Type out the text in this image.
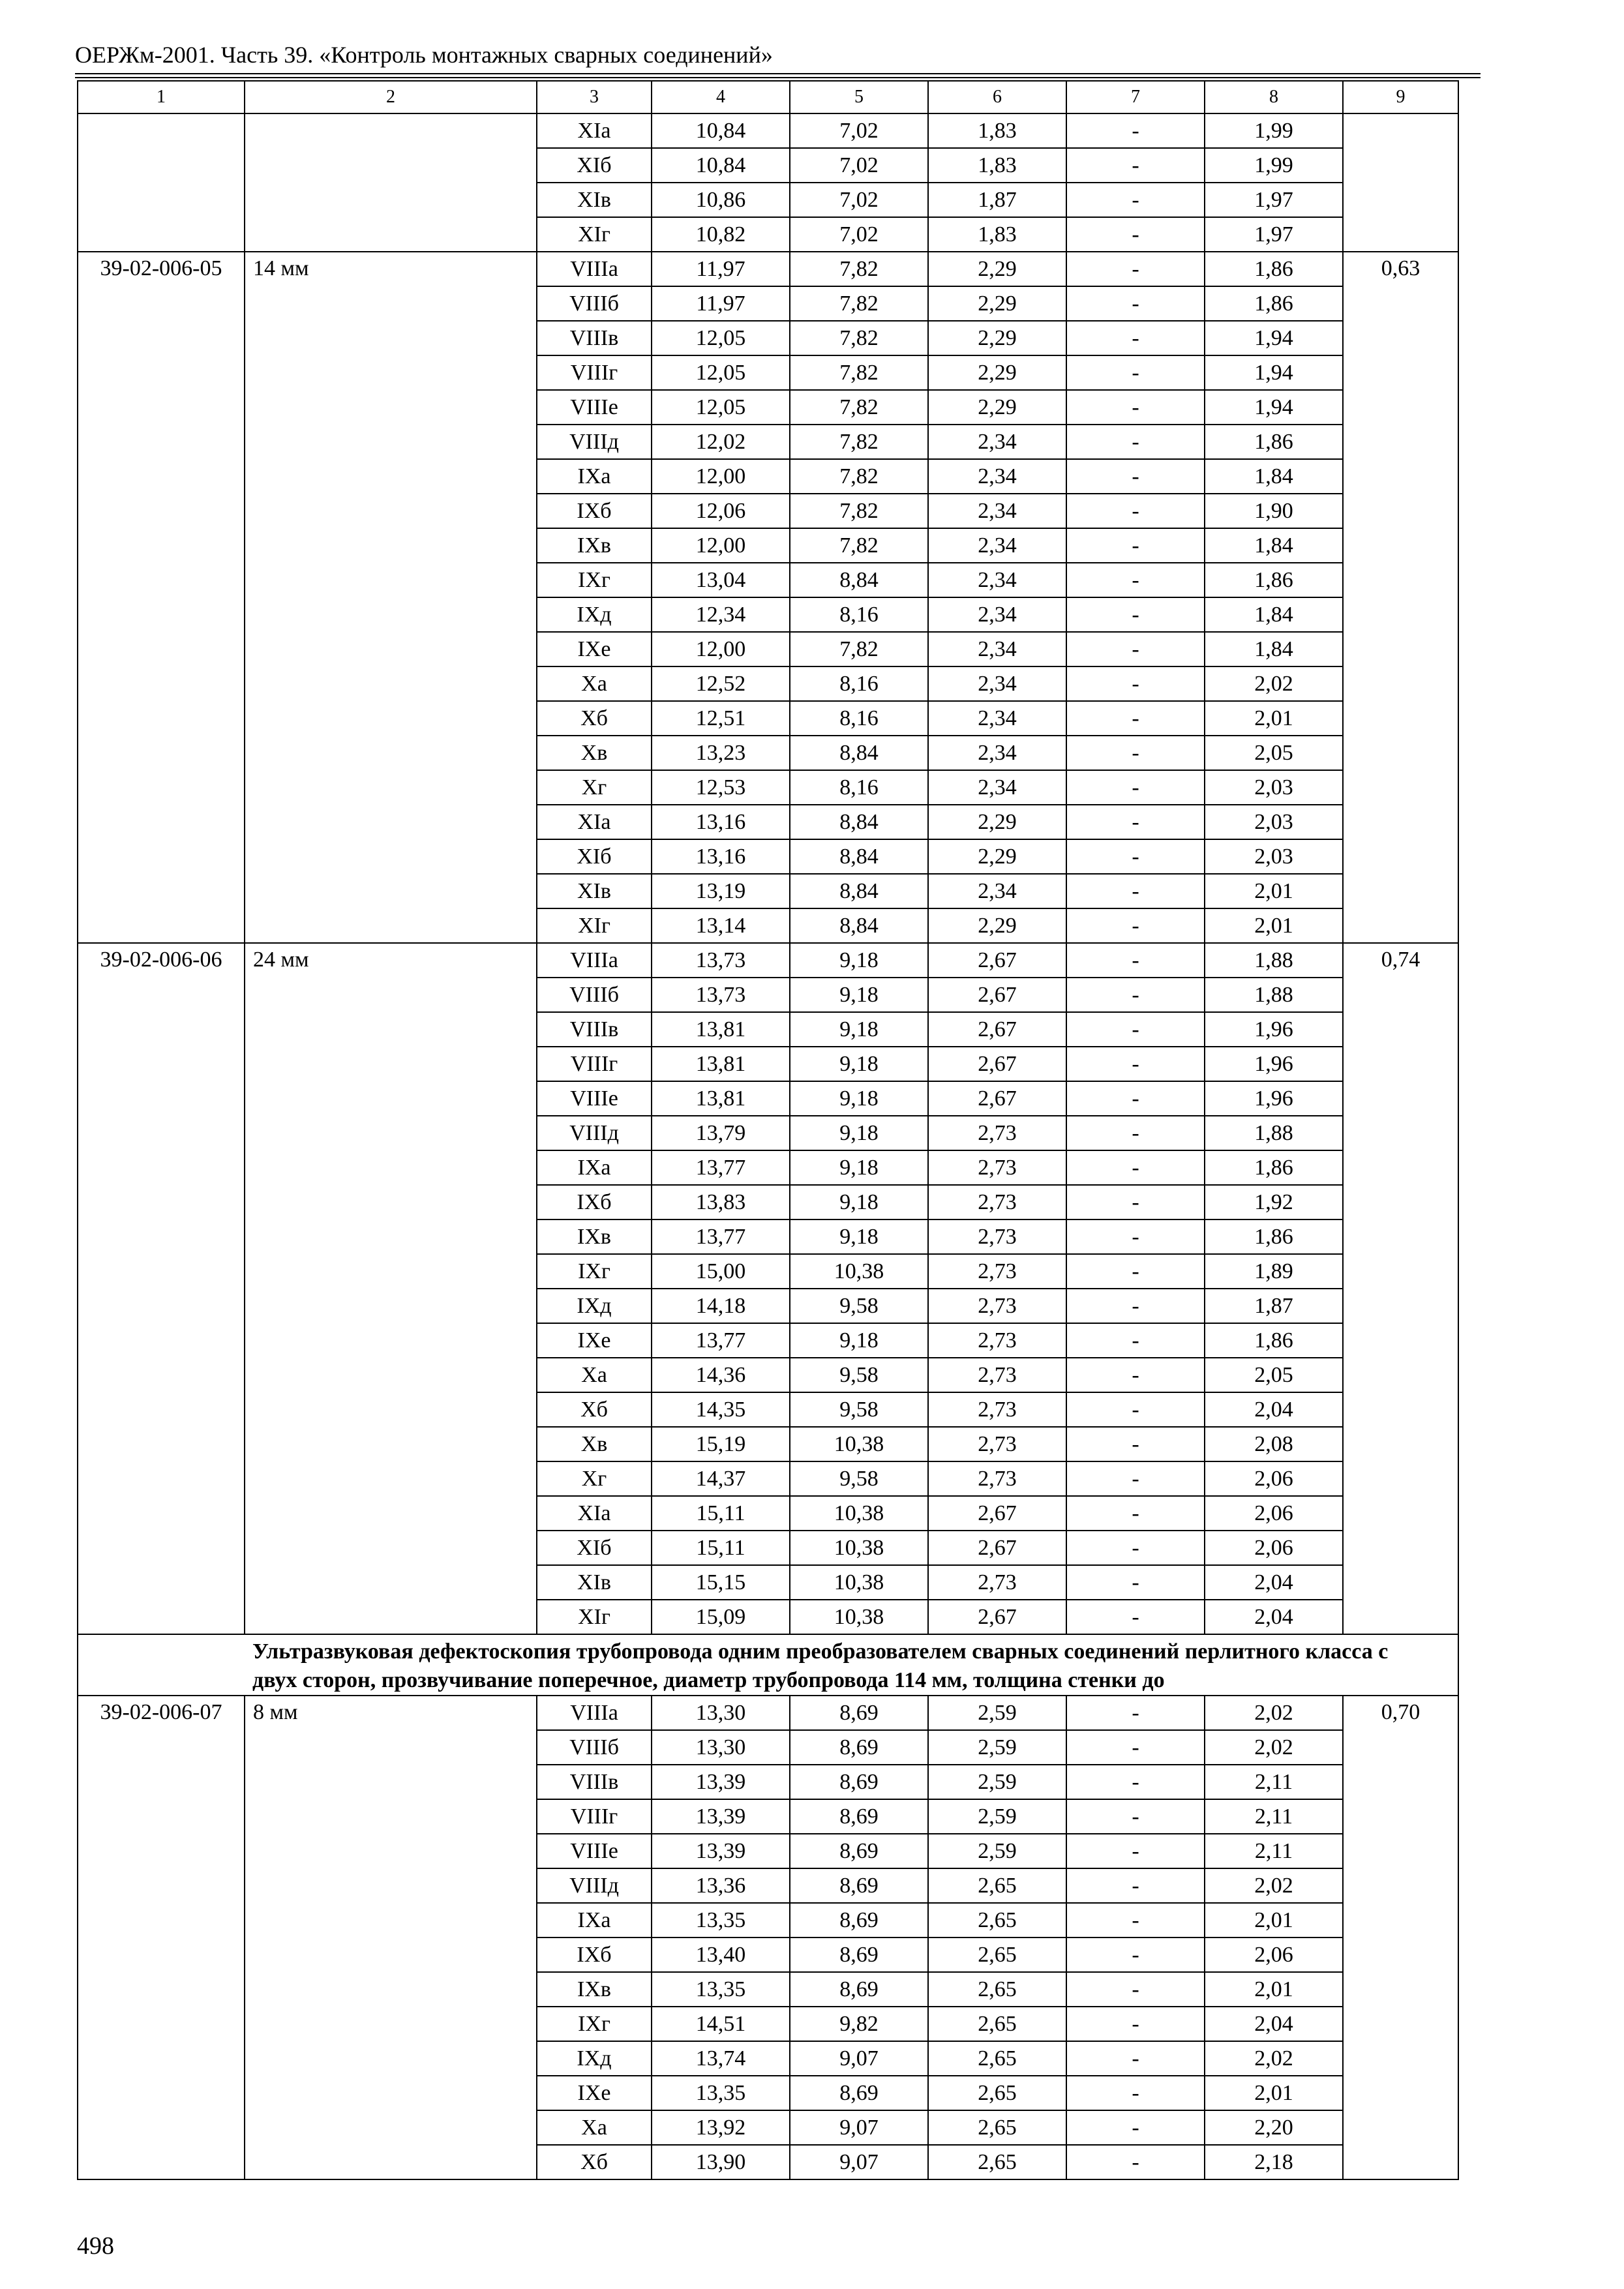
ОЕРЖм-2001. Часть 39. «Контроль монтажных сварных соединений»
1	2	3	4	5	6	7	8	9
		XIа	10,84	7,02	1,83	-	1,99	
		XIб	10,84	7,02	1,83	-	1,99	
		XIв	10,86	7,02	1,87	-	1,97	
		XIг	10,82	7,02	1,83	-	1,97	
39-02-006-05	14 мм	VIIIа	11,97	7,82	2,29	-	1,86	0,63
		VIIIб	11,97	7,82	2,29	-	1,86	
		VIIIв	12,05	7,82	2,29	-	1,94	
		VIIIг	12,05	7,82	2,29	-	1,94	
		VIIIе	12,05	7,82	2,29	-	1,94	
		VIIIд	12,02	7,82	2,34	-	1,86	
		IXа	12,00	7,82	2,34	-	1,84	
		IXб	12,06	7,82	2,34	-	1,90	
		IXв	12,00	7,82	2,34	-	1,84	
		IXг	13,04	8,84	2,34	-	1,86	
		IXд	12,34	8,16	2,34	-	1,84	
		IXе	12,00	7,82	2,34	-	1,84	
		Xа	12,52	8,16	2,34	-	2,02	
		Xб	12,51	8,16	2,34	-	2,01	
		Xв	13,23	8,84	2,34	-	2,05	
		Xг	12,53	8,16	2,34	-	2,03	
		XIа	13,16	8,84	2,29	-	2,03	
		XIб	13,16	8,84	2,29	-	2,03	
		XIв	13,19	8,84	2,34	-	2,01	
		XIг	13,14	8,84	2,29	-	2,01	
39-02-006-06	24 мм	VIIIа	13,73	9,18	2,67	-	1,88	0,74
		VIIIб	13,73	9,18	2,67	-	1,88	
		VIIIв	13,81	9,18	2,67	-	1,96	
		VIIIг	13,81	9,18	2,67	-	1,96	
		VIIIе	13,81	9,18	2,67	-	1,96	
		VIIIд	13,79	9,18	2,73	-	1,88	
		IXа	13,77	9,18	2,73	-	1,86	
		IXб	13,83	9,18	2,73	-	1,92	
		IXв	13,77	9,18	2,73	-	1,86	
		IXг	15,00	10,38	2,73	-	1,89	
		IXд	14,18	9,58	2,73	-	1,87	
		IXе	13,77	9,18	2,73	-	1,86	
		Xа	14,36	9,58	2,73	-	2,05	
		Xб	14,35	9,58	2,73	-	2,04	
		Xв	15,19	10,38	2,73	-	2,08	
		Xг	14,37	9,58	2,73	-	2,06	
		XIа	15,11	10,38	2,67	-	2,06	
		XIб	15,11	10,38	2,67	-	2,06	
		XIв	15,15	10,38	2,73	-	2,04	
		XIг	15,09	10,38	2,67	-	2,04	
	Ультразвуковая дефектоскопия трубопровода одним преобразователем сварных соединений перлитного класса с двух сторон, прозвучивание поперечное, диаметр трубопровода 114 мм, толщина стенки до							
39-02-006-07	8 мм	VIIIа	13,30	8,69	2,59	-	2,02	0,70
		VIIIб	13,30	8,69	2,59	-	2,02	
		VIIIв	13,39	8,69	2,59	-	2,11	
		VIIIг	13,39	8,69	2,59	-	2,11	
		VIIIе	13,39	8,69	2,59	-	2,11	
		VIIIд	13,36	8,69	2,65	-	2,02	
		IXа	13,35	8,69	2,65	-	2,01	
		IXб	13,40	8,69	2,65	-	2,06	
		IXв	13,35	8,69	2,65	-	2,01	
		IXг	14,51	9,82	2,65	-	2,04	
		IXд	13,74	9,07	2,65	-	2,02	
		IXе	13,35	8,69	2,65	-	2,01	
		Xа	13,92	9,07	2,65	-	2,20	
		Xб	13,90	9,07	2,65	-	2,18	
498
